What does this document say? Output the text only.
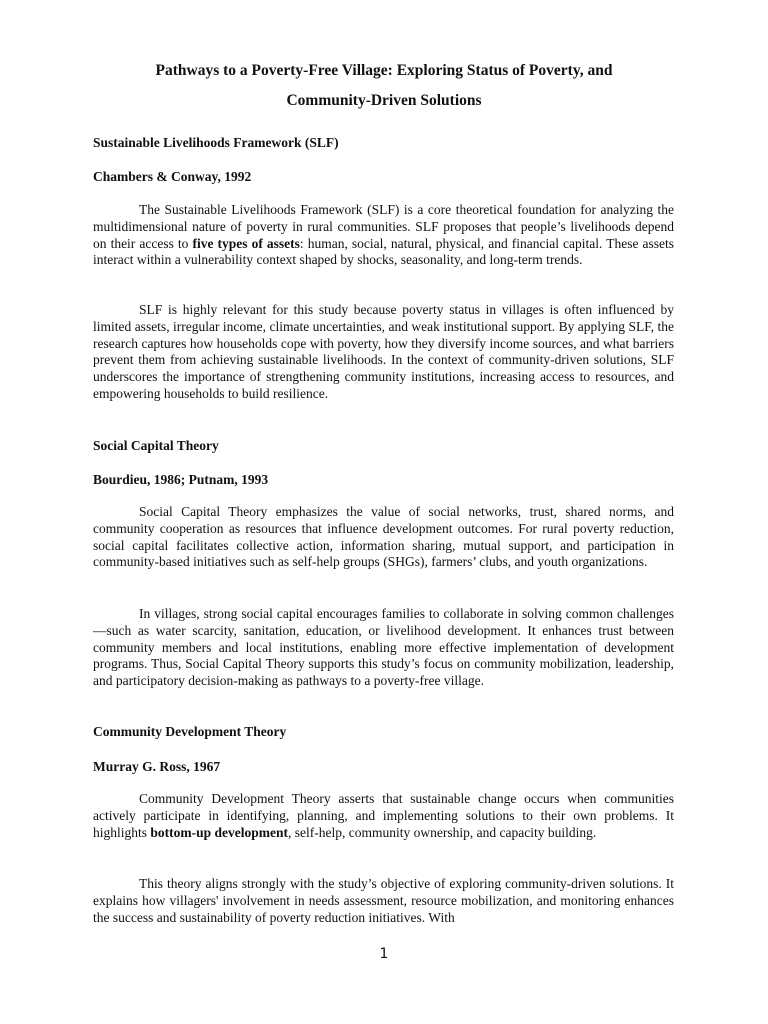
Pathways to a Poverty-Free Village: Exploring Status of Poverty, and
Community-Driven Solutions
Sustainable Livelihoods Framework (SLF)

Chambers & Conway, 1992

The Sustainable Livelihoods Framework (SLF) is a core theoretical foundation for analyzing the multidimensional nature of poverty in rural communities. SLF proposes that people’s livelihoods depend on their access to five types of assets: human, social, natural, physical, and financial capital. These assets interact within a vulnerability context shaped by shocks, seasonality, and long-term trends.

SLF is highly relevant for this study because poverty status in villages is often influenced by limited assets, irregular income, climate uncertainties, and weak institutional support. By applying SLF, the research captures how households cope with poverty, how they diversify income sources, and what barriers prevent them from achieving sustainable livelihoods. In the context of community-driven solutions, SLF underscores the importance of strengthening community institutions, increasing access to resources, and empowering households to build resilience.

Social Capital Theory

Bourdieu, 1986; Putnam, 1993

Social Capital Theory emphasizes the value of social networks, trust, shared norms, and community cooperation as resources that influence development outcomes. For rural poverty reduction, social capital facilitates collective action, information sharing, mutual support, and participation in community-based initiatives such as self-help groups (SHGs), farmers’ clubs, and youth organizations.

In villages, strong social capital encourages families to collaborate in solving common challenges—such as water scarcity, sanitation, education, or livelihood development. It enhances trust between community members and local institutions, enabling more effective implementation of development programs. Thus, Social Capital Theory supports this study’s focus on community mobilization, leadership, and participatory decision-making as pathways to a poverty-free village.

Community Development Theory

Murray G. Ross, 1967

Community Development Theory asserts that sustainable change occurs when communities actively participate in identifying, planning, and implementing solutions to their own problems. It highlights bottom-up development, self-help, community ownership, and capacity building.

This theory aligns strongly with the study’s objective of exploring community-driven solutions. It explains how villagers' involvement in needs assessment, resource mobilization, and monitoring enhances the success and sustainability of poverty reduction initiatives. With

1
